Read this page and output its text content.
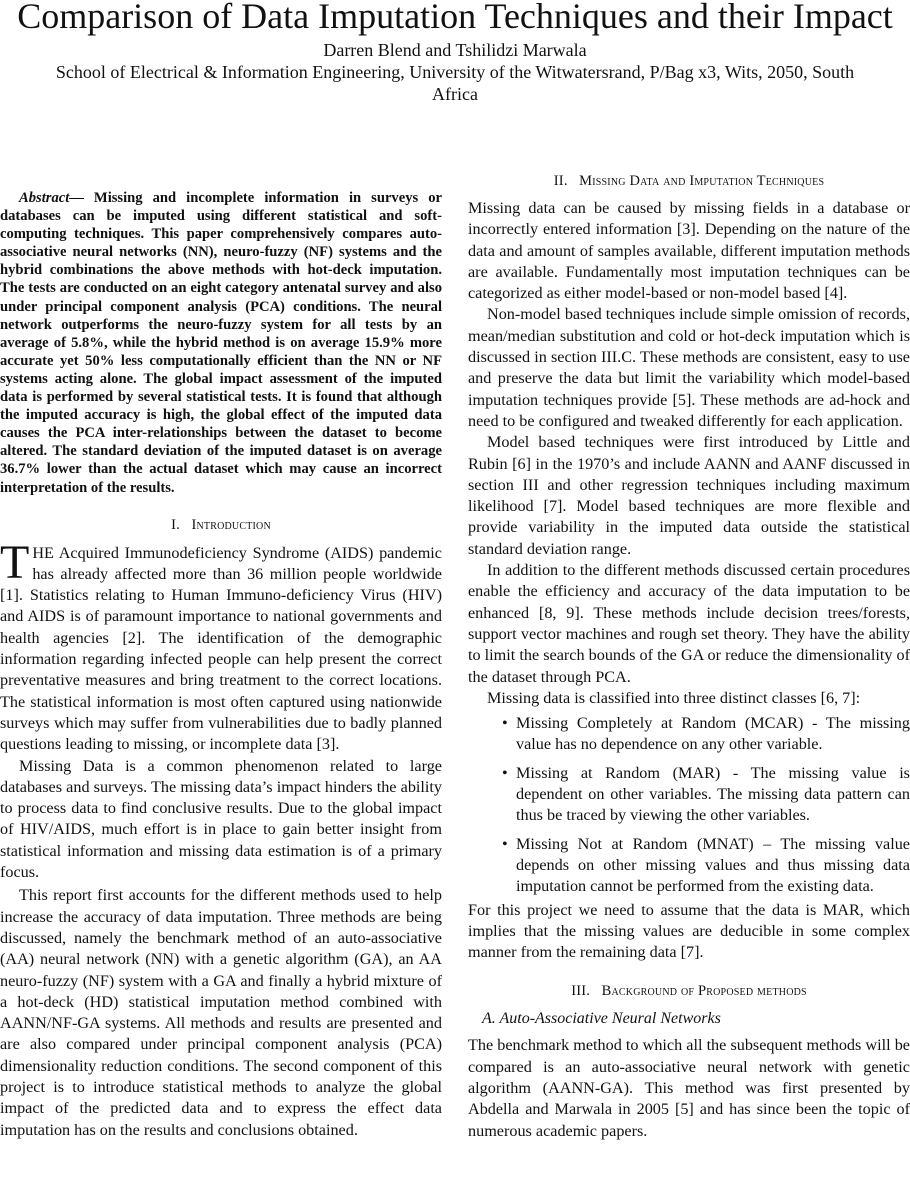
Comparison of Data Imputation Techniques and their Impact
Darren Blend and Tshilidzi Marwala
School of Electrical & Information Engineering, University of the Witwatersrand, P/Bag x3, Wits, 2050, South Africa

Abstract— Missing and incomplete information in surveys or databases can be imputed using different statistical and soft-computing techniques. This paper comprehensively compares auto-associative neural networks (NN), neuro-fuzzy (NF) systems and the hybrid combinations the above methods with hot-deck imputation. The tests are conducted on an eight category antenatal survey and also under principal component analysis (PCA) conditions. The neural network outperforms the neuro-fuzzy system for all tests by an average of 5.8%, while the hybrid method is on average 15.9% more accurate yet 50% less computationally efficient than the NN or NF systems acting alone. The global impact assessment of the imputed data is performed by several statistical tests. It is found that although the imputed accuracy is high, the global effect of the imputed data causes the PCA inter-relationships between the dataset to become altered. The standard deviation of the imputed dataset is on average 36.7% lower than the actual dataset which may cause an incorrect interpretation of the results.

I. Introduction

THE Acquired Immunodeficiency Syndrome (AIDS) pandemic has already affected more than 36 million people worldwide [1]. Statistics relating to Human Immuno-deficiency Virus (HIV) and AIDS is of paramount importance to national governments and health agencies [2]. The identification of the demographic information regarding infected people can help present the correct preventative measures and bring treatment to the correct locations. The statistical information is most often captured using nationwide surveys which may suffer from vulnerabilities due to badly planned questions leading to missing, or incomplete data [3].

Missing Data is a common phenomenon related to large databases and surveys. The missing data’s impact hinders the ability to process data to find conclusive results. Due to the global impact of HIV/AIDS, much effort is in place to gain better insight from statistical information and missing data estimation is of a primary focus.

This report first accounts for the different methods used to help increase the accuracy of data imputation. Three methods are being discussed, namely the benchmark method of an auto-associative (AA) neural network (NN) with a genetic algorithm (GA), an AA neuro-fuzzy (NF) system with a GA and finally a hybrid mixture of a hot-deck (HD) statistical imputation method combined with AANN/NF-GA systems. All methods and results are presented and are also compared under principal component analysis (PCA) dimensionality reduction conditions. The second component of this project is to introduce statistical methods to analyze the global impact of the predicted data and to express the effect data imputation has on the results and conclusions obtained.

II. Missing Data and Imputation Techniques

Missing data can be caused by missing fields in a database or incorrectly entered information [3]. Depending on the nature of the data and amount of samples available, different imputation methods are available. Fundamentally most imputation techniques can be categorized as either model-based or non-model based [4].

Non-model based techniques include simple omission of records, mean/median substitution and cold or hot-deck imputation which is discussed in section III.C. These methods are consistent, easy to use and preserve the data but limit the variability which model-based imputation techniques provide [5]. These methods are ad-hock and need to be configured and tweaked differently for each application.

Model based techniques were first introduced by Little and Rubin [6] in the 1970’s and include AANN and AANF discussed in section III and other regression techniques including maximum likelihood [7]. Model based techniques are more flexible and provide variability in the imputed data outside the statistical standard deviation range.

In addition to the different methods discussed certain procedures enable the efficiency and accuracy of the data imputation to be enhanced [8, 9]. These methods include decision trees/forests, support vector machines and rough set theory. They have the ability to limit the search bounds of the GA or reduce the dimensionality of the dataset through PCA.

Missing data is classified into three distinct classes [6, 7]:

• Missing Completely at Random (MCAR) - The missing value has no dependence on any other variable.
• Missing at Random (MAR) - The missing value is dependent on other variables. The missing data pattern can thus be traced by viewing the other variables.
• Missing Not at Random (MNAT) – The missing value depends on other missing values and thus missing data imputation cannot be performed from the existing data.

For this project we need to assume that the data is MAR, which implies that the missing values are deducible in some complex manner from the remaining data [7].

III. Background of Proposed methods
A. Auto-Associative Neural Networks

The benchmark method to which all the subsequent methods will be compared is an auto-associative neural network with genetic algorithm (AANN-GA). This method was first presented by Abdella and Marwala in 2005 [5] and has since been the topic of numerous academic papers.
